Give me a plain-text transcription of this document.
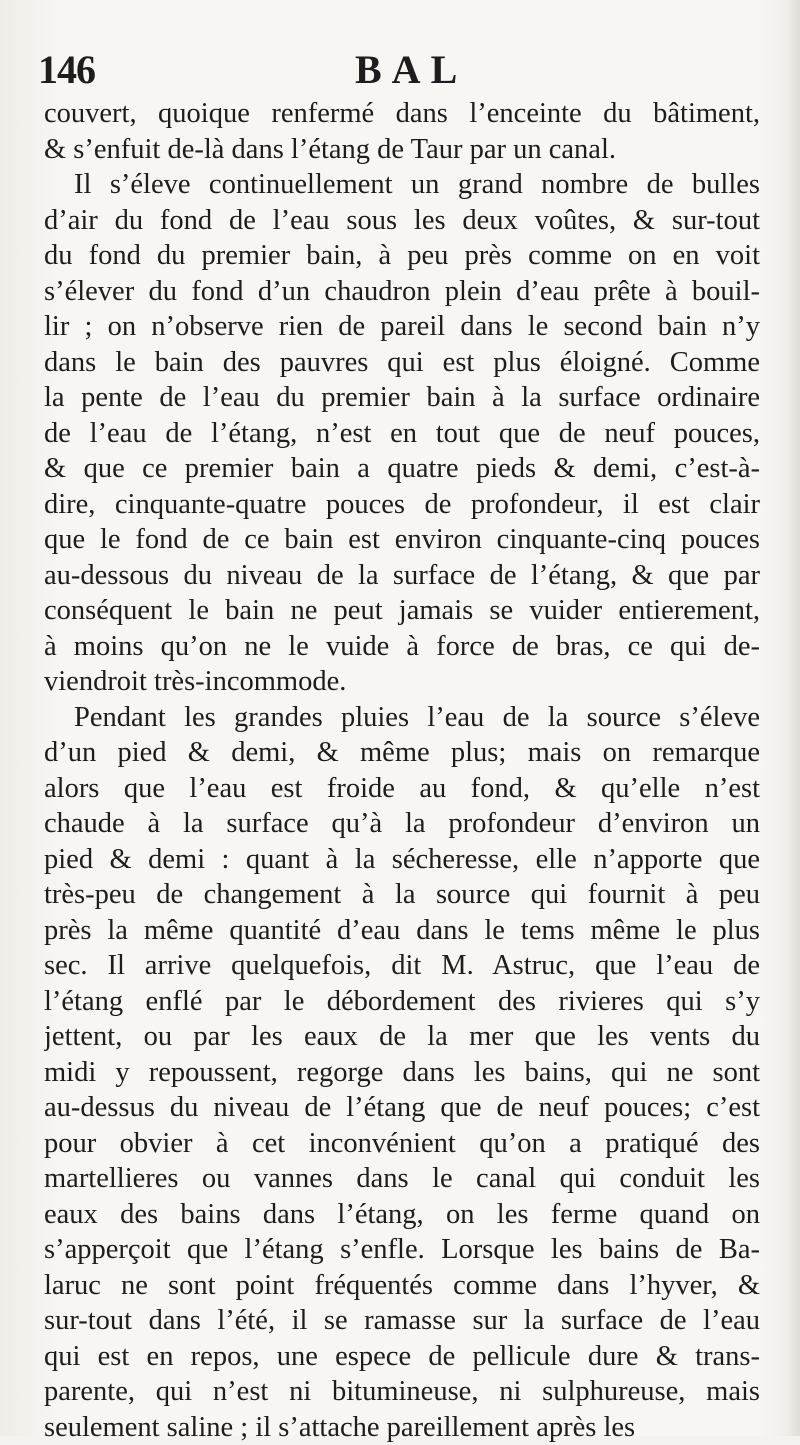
146	BAL
couvert, quoique renfermé dans l’enceinte du bâtiment,
& s’enfuit de-là dans l’étang de Taur par un canal.
Il s’éleve continuellement un grand nombre de bulles
d’air du fond de l’eau sous les deux voûtes, & sur-tout
du fond du premier bain, à peu près comme on en voit
s’élever du fond d’un chaudron plein d’eau prête à bouil-
lir ; on n’observe rien de pareil dans le second bain n’y
dans le bain des pauvres qui est plus éloigné. Comme
la pente de l’eau du premier bain à la surface ordinaire
de l’eau de l’étang, n’est en tout que de neuf pouces,
& que ce premier bain a quatre pieds & demi, c’est-à-
dire, cinquante-quatre pouces de profondeur, il est clair
que le fond de ce bain est environ cinquante-cinq pouces
au-dessous du niveau de la surface de l’étang, & que par
conséquent le bain ne peut jamais se vuider entierement,
à moins qu’on ne le vuide à force de bras, ce qui de-
viendroit très-incommode.
Pendant les grandes pluies l’eau de la source s’éleve
d’un pied & demi, & même plus; mais on remarque
alors que l’eau est froide au fond, & qu’elle n’est
chaude à la surface qu’à la profondeur d’environ un
pied & demi : quant à la sécheresse, elle n’apporte que
très-peu de changement à la source qui fournit à peu
près la même quantité d’eau dans le tems même le plus
sec. Il arrive quelquefois, dit M. Astruc, que l’eau de
l’étang enflé par le débordement des rivieres qui s’y
jettent, ou par les eaux de la mer que les vents du
midi y repoussent, regorge dans les bains, qui ne sont
au-dessus du niveau de l’étang que de neuf pouces; c’est
pour obvier à cet inconvénient qu’on a pratiqué des
martellieres ou vannes dans le canal qui conduit les
eaux des bains dans l’étang, on les ferme quand on
s’apperçoit que l’étang s’enfle. Lorsque les bains de Ba-
laruc ne sont point fréquentés comme dans l’hyver, &
sur-tout dans l’été, il se ramasse sur la surface de l’eau
qui est en repos, une espece de pellicule dure & trans-
parente, qui n’est ni bitumineuse, ni sulphureuse, mais
seulement saline ; il s’attache pareillement après les
